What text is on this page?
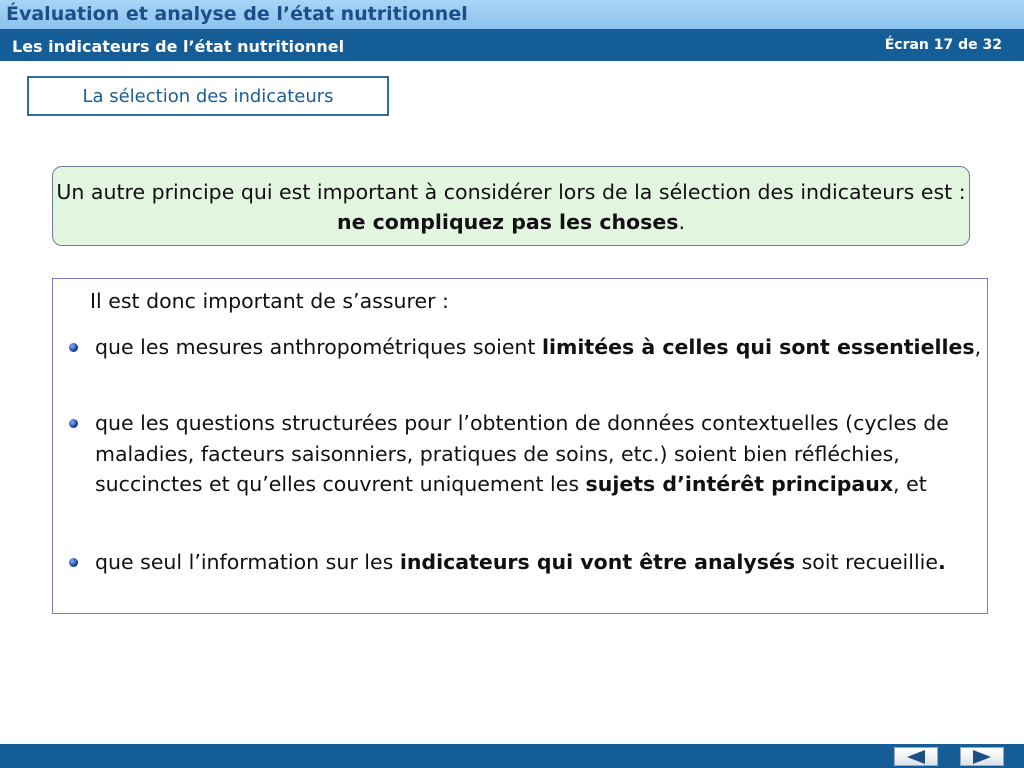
Évaluation et analyse de l’état nutritionnel
Les indicateurs de l’état nutritionnel	Écran 17 de 32
La sélection des indicateurs
Un autre principe qui est important à considérer lors de la sélection des indicateurs est : ne compliquez pas les choses.
Il est donc important de s’assurer :
que les mesures anthropométriques soient limitées à celles qui sont essentielles,
que les questions structurées pour l’obtention de données contextuelles (cycles de maladies, facteurs saisonniers, pratiques de soins, etc.) soient bien réfléchies, succinctes et qu’elles couvrent uniquement les sujets d’intérêt principaux, et
que seul l’information sur les indicateurs qui vont être analysés soit recueillie.
